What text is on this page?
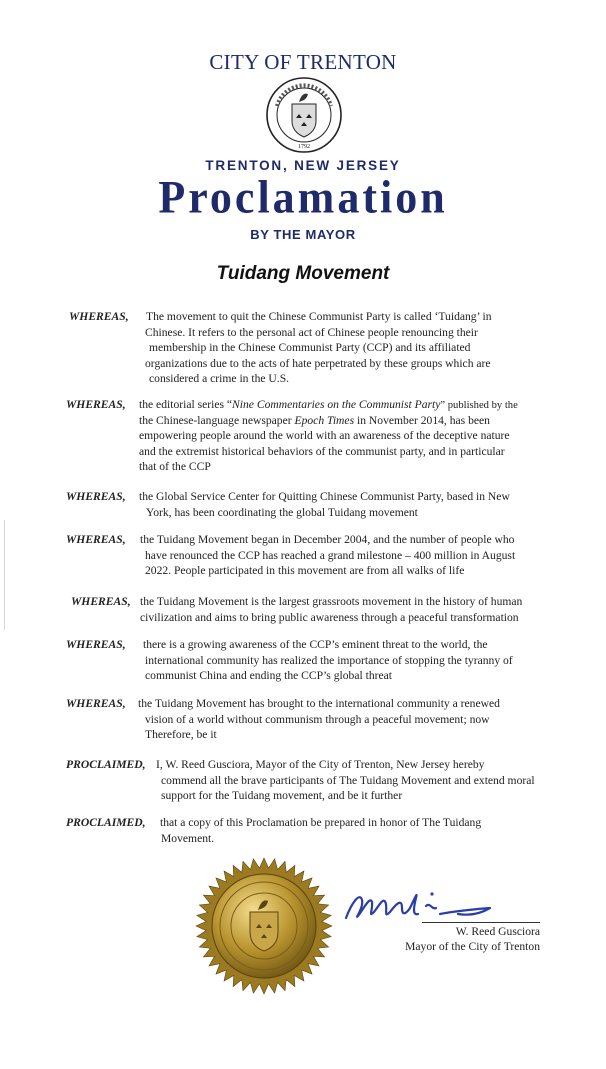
CITY OF TRENTON
1792
TRENTON, NEW JERSEY
Proclamation
BY THE MAYOR
Tuidang Movement
WHEREAS, The movement to quit the Chinese Communist Party is called ‘Tuidang’ in
Chinese. It refers to the personal act of Chinese people renouncing their
membership in the Chinese Communist Party (CCP) and its affiliated
organizations due to the acts of hate perpetrated by these groups which are
considered a crime in the U.S.
WHEREAS, the editorial series “Nine Commentaries on the Communist Party” published by the
the Chinese-language newspaper Epoch Times in November 2014, has been
empowering people around the world with an awareness of the deceptive nature
and the extremist historical behaviors of the communist party, and in particular
that of the CCP
WHEREAS, the Global Service Center for Quitting Chinese Communist Party, based in New
York, has been coordinating the global Tuidang movement
WHEREAS, the Tuidang Movement began in December 2004, and the number of people who
have renounced the CCP has reached a grand milestone – 400 million in August
2022. People participated in this movement are from all walks of life
WHEREAS, the Tuidang Movement is the largest grassroots movement in the history of human
civilization and aims to bring public awareness through a peaceful transformation
WHEREAS, there is a growing awareness of the CCP’s eminent threat to the world, the
international community has realized the importance of stopping the tyranny of
communist China and ending the CCP’s global threat
WHEREAS, the Tuidang Movement has brought to the international community a renewed
vision of a world without communism through a peaceful movement; now
Therefore, be it
PROCLAIMED, I, W. Reed Gusciora, Mayor of the City of Trenton, New Jersey hereby
commend all the brave participants of The Tuidang Movement and extend moral
support for the Tuidang movement, and be it further
PROCLAIMED, that a copy of this Proclamation be prepared in honor of The Tuidang
Movement.
W. Reed Gusciora
Mayor of the City of Trenton
